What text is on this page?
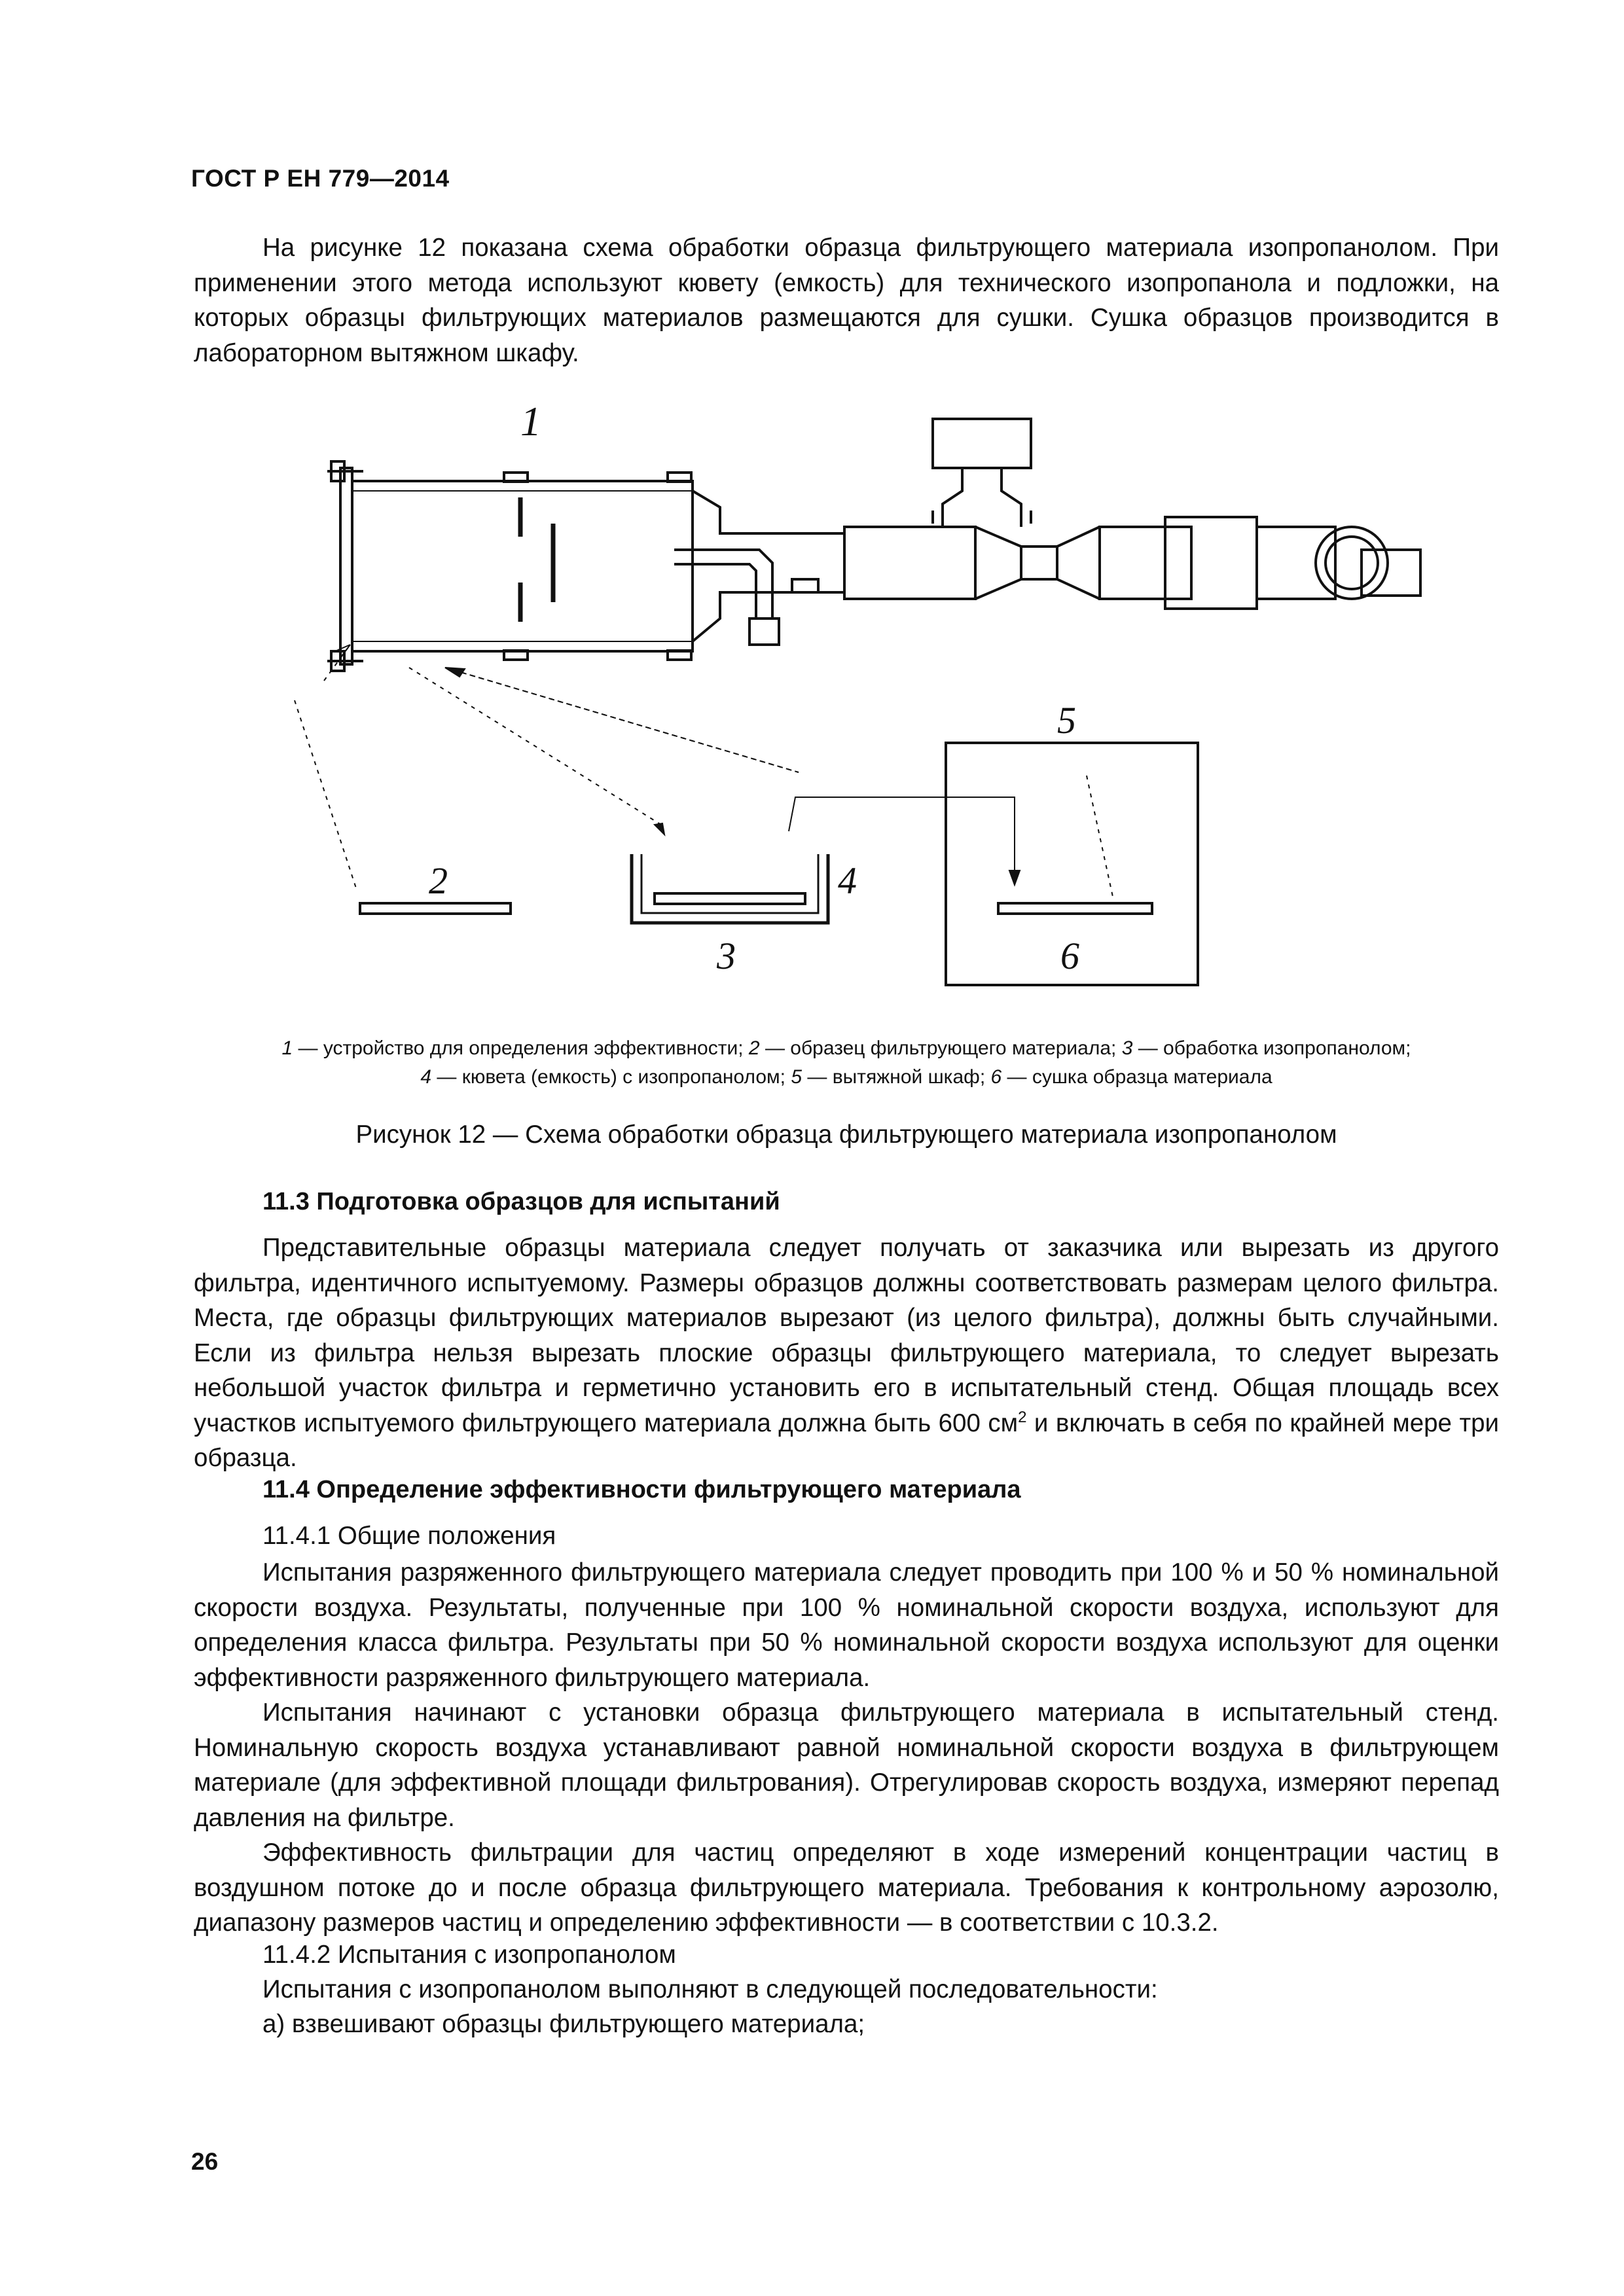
ГОСТ Р ЕН 779—2014

На рисунке 12 показана схема обработки образца фильтрующего материала изопропанолом. При применении этого метода используют кювету (емкость) для технического изопропанола и подложки, на которых образцы фильтрующих материалов размещаются для сушки. Сушка образцов производится в лабораторном вытяжном шкафу.

1
2
3
4
5
6
1 — устройство для определения эффективности; 2 — образец фильтрующего материала; 3 — обработка изопропанолом;
4 — кювета (емкость) с изопропанолом; 5 — вытяжной шкаф; 6 — сушка образца материала
Рисунок 12 — Схема обработки образца фильтрующего материала изопропанолом
11.3 Подготовка образцов для испытаний

Представительные образцы материала следует получать от заказчика или вырезать из другого фильтра, идентичного испытуемому. Размеры образцов должны соответствовать размерам целого фильтра. Места, где образцы фильтрующих материалов вырезают (из целого фильтра), должны быть случайными. Если из фильтра нельзя вырезать плоские образцы фильтрующего материала, то следует вырезать небольшой участок фильтра и герметично установить его в испытательный стенд. Общая площадь всех участков испытуемого фильтрующего материала должна быть 600 $см^2$ и включать в себя по крайней мере три образца.

11.4 Определение эффективности фильтрующего материала
11.4.1 Общие положения

Испытания разряженного фильтрующего материала следует проводить при 100 % и 50 % номинальной скорости воздуха. Результаты, полученные при 100 % номинальной скорости воздуха, используют для определения класса фильтра. Результаты при 50 % номинальной скорости воздуха используют для оценки эффективности разряженного фильтрующего материала.

Испытания начинают с установки образца фильтрующего материала в испытательный стенд. Номинальную скорость воздуха устанавливают равной номинальной скорости воздуха в фильтрующем материале (для эффективной площади фильтрования). Отрегулировав скорость воздуха, измеряют перепад давления на фильтре.

Эффективность фильтрации для частиц определяют в ходе измерений концентрации частиц в воздушном потоке до и после образца фильтрующего материала. Требования к контрольному аэрозолю, диапазону размеров частиц и определению эффективности — в соответствии с 10.3.2.

11.4.2 Испытания с изопропанолом
Испытания с изопропанолом выполняют в следующей последовательности:
а) взвешивают образцы фильтрующего материала;
26
